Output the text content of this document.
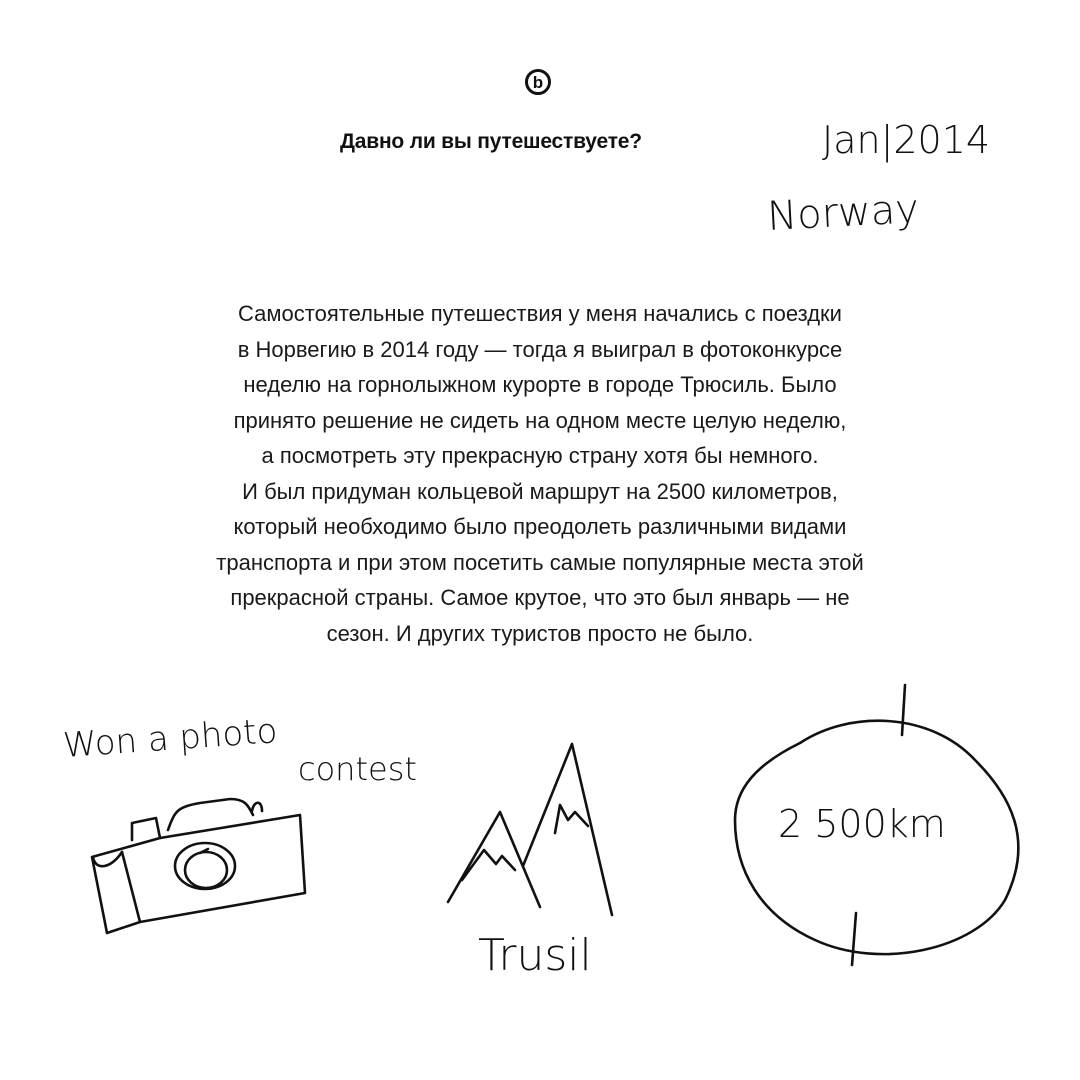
b
Давно ли вы путешествуете?
Самостоятельные путешествия у меня начались с поездки
в Норвегию в 2014 году — тогда я выиграл в фотоконкурсе
неделю на горнолыжном курорте в городе Трюсиль. Было
принято решение не сидеть на одном месте целую неделю,
а посмотреть эту прекрасную страну хотя бы немного.
И был придуман кольцевой маршрут на 2500 километров,
который необходимо было преодолеть различными видами
транспорта и при этом посетить самые популярные места этой
прекрасной страны. Самое крутое, что это был январь — не
сезон. И других туристов просто не было.
Jan|2014
Norway
Won a photo
contest
Trusil
2 500km
